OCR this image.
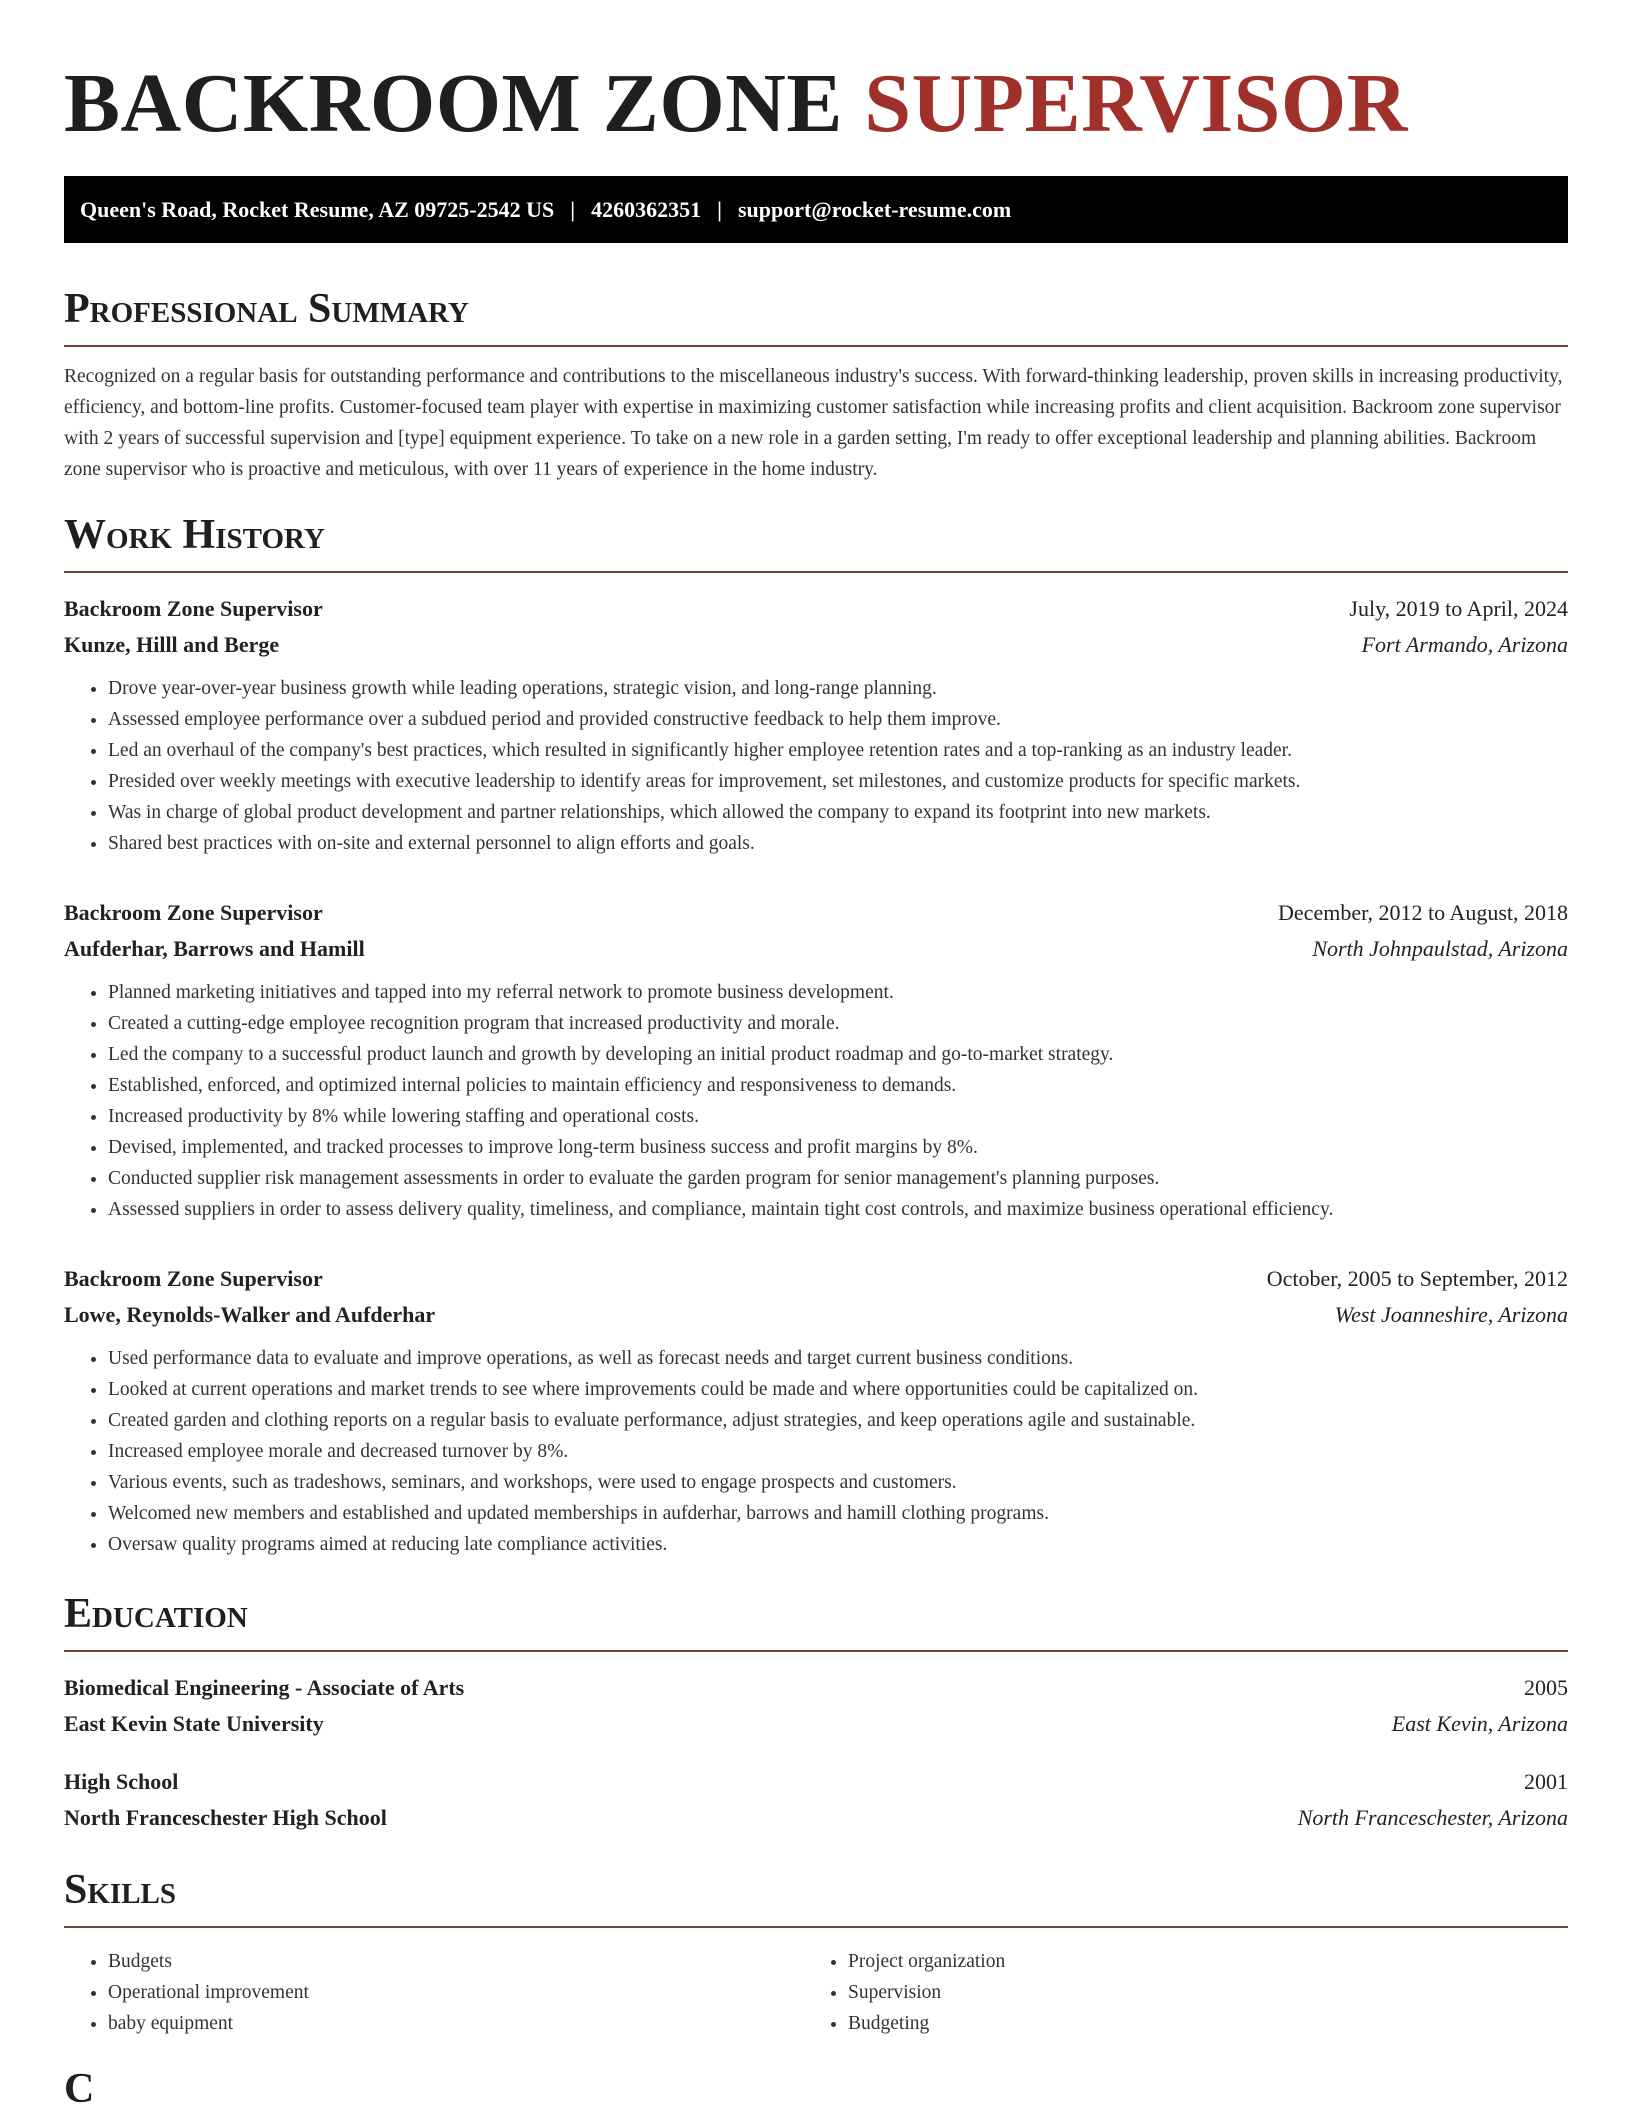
BACKROOM ZONE SUPERVISOR
Queen's Road, Rocket Resume, AZ 09725-2542 US | 4260362351 | support@rocket-resume.com
Professional Summary

Recognized on a regular basis for outstanding performance and contributions to the miscellaneous industry's success. With forward-thinking leadership, proven skills in increasing productivity, efficiency, and bottom-line profits. Customer-focused team player with expertise in maximizing customer satisfaction while increasing profits and client acquisition. Backroom zone supervisor with 2 years of successful supervision and [type] equipment experience. To take on a new role in a garden setting, I'm ready to offer exceptional leadership and planning abilities. Backroom zone supervisor who is proactive and meticulous, with over 11 years of experience in the home industry.

Work History
Backroom Zone Supervisor	July, 2019 to April, 2024
Kunze, Hilll and Berge	Fort Armando, Arizona
• Drove year-over-year business growth while leading operations, strategic vision, and long-range planning.
• Assessed employee performance over a subdued period and provided constructive feedback to help them improve.
• Led an overhaul of the company's best practices, which resulted in significantly higher employee retention rates and a top-ranking as an industry leader.
• Presided over weekly meetings with executive leadership to identify areas for improvement, set milestones, and customize products for specific markets.
• Was in charge of global product development and partner relationships, which allowed the company to expand its footprint into new markets.
• Shared best practices with on-site and external personnel to align efforts and goals.
Backroom Zone Supervisor	December, 2012 to August, 2018
Aufderhar, Barrows and Hamill	North Johnpaulstad, Arizona
• Planned marketing initiatives and tapped into my referral network to promote business development.
• Created a cutting-edge employee recognition program that increased productivity and morale.
• Led the company to a successful product launch and growth by developing an initial product roadmap and go-to-market strategy.
• Established, enforced, and optimized internal policies to maintain efficiency and responsiveness to demands.
• Increased productivity by 8% while lowering staffing and operational costs.
• Devised, implemented, and tracked processes to improve long-term business success and profit margins by 8%.
• Conducted supplier risk management assessments in order to evaluate the garden program for senior management's planning purposes.
• Assessed suppliers in order to assess delivery quality, timeliness, and compliance, maintain tight cost controls, and maximize business operational efficiency.
Backroom Zone Supervisor	October, 2005 to September, 2012
Lowe, Reynolds-Walker and Aufderhar	West Joanneshire, Arizona
• Used performance data to evaluate and improve operations, as well as forecast needs and target current business conditions.
• Looked at current operations and market trends to see where improvements could be made and where opportunities could be capitalized on.
• Created garden and clothing reports on a regular basis to evaluate performance, adjust strategies, and keep operations agile and sustainable.
• Increased employee morale and decreased turnover by 8%.
• Various events, such as tradeshows, seminars, and workshops, were used to engage prospects and customers.
• Welcomed new members and established and updated memberships in aufderhar, barrows and hamill clothing programs.
• Oversaw quality programs aimed at reducing late compliance activities.
Education
Biomedical Engineering - Associate of Arts	2005
East Kevin State University	East Kevin, Arizona
High School	2001
North Franceschester High School	North Franceschester, Arizona
Skills
• Budgets
• Operational improvement
• baby equipment
• Project organization
• Supervision
• Budgeting
C
